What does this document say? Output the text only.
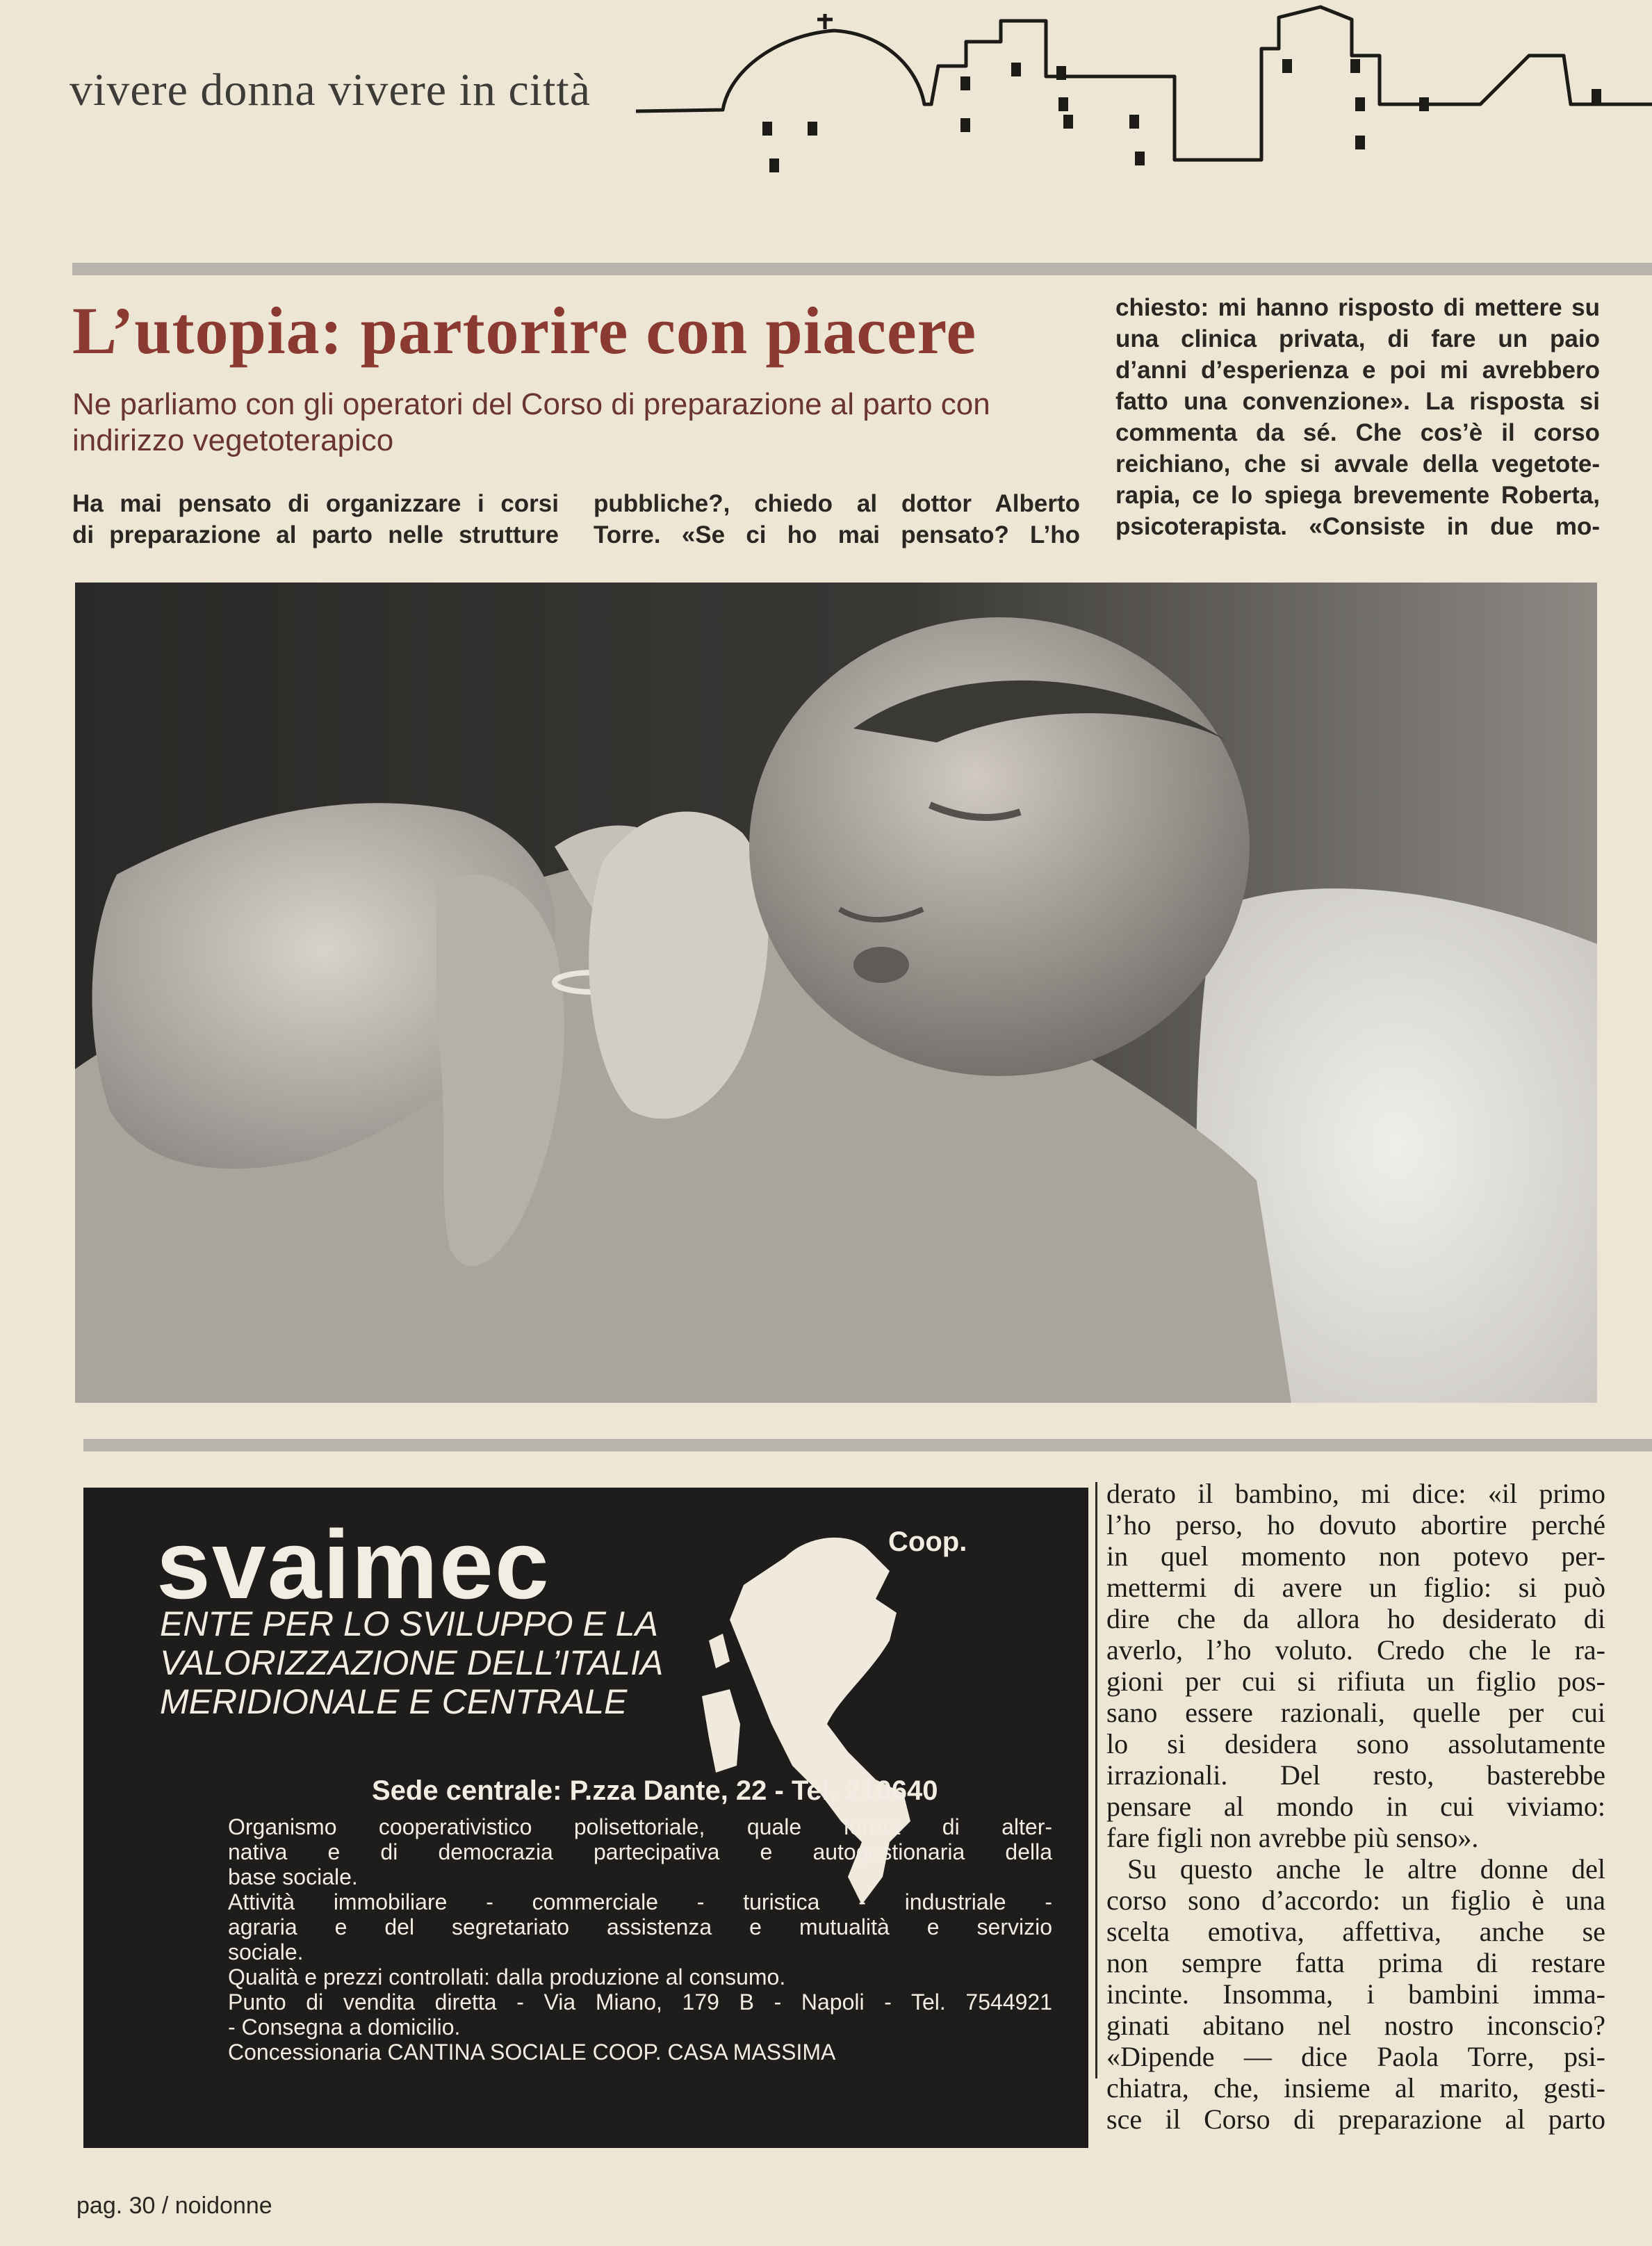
vivere donna vivere in città
L’utopia: partorire con piacere
Ne parliamo con gli operatori del Corso di preparazione al parto con indirizzo vegetoterapico
Ha mai pensato di organizzare i corsi
di preparazione al parto nelle strutture
pubbliche?, chiedo al dottor Alberto
Torre. «Se ci ho mai pensato? L’ho
chiesto: mi hanno risposto di mettere su
una clinica privata, di fare un paio
d’anni d’esperienza e poi mi avrebbero
fatto una convenzione». La risposta si
commenta da sé. Che cos’è il corso
reichiano, che si avvale della vegetote-
rapia, ce lo spiega brevemente Roberta,
psicoterapista. «Consiste in due mo-
svaimec	Coop.
ENTE PER LO SVILUPPO E LA
VALORIZZAZIONE DELL’ITALIA
MERIDIONALE E CENTRALE
Sede centrale: P.zza Dante, 22 - Tel. 210640
Organismo cooperativistico polisettoriale, quale forma di alter-
nativa e di democrazia partecipativa e autogestionaria della
base sociale.
Attività immobiliare - commerciale - turistica - industriale -
agraria e del segretariato assistenza e mutualità e servizio
sociale.
Qualità e prezzi controllati: dalla produzione al consumo.
Punto di vendita diretta - Via Miano, 179 B - Napoli - Tel. 7544921
- Consegna a domicilio.
Concessionaria CANTINA SOCIALE COOP. CASA MASSIMA
derato il bambino, mi dice: «il primo
l’ho perso, ho dovuto abortire perché
in quel momento non potevo per-
mettermi di avere un figlio: si può
dire che da allora ho desiderato di
averlo, l’ho voluto. Credo che le ra-
gioni per cui si rifiuta un figlio pos-
sano essere razionali, quelle per cui
lo si desidera sono assolutamente
irrazionali. Del resto, basterebbe
pensare al mondo in cui viviamo:
fare figli non avrebbe più senso».
Su questo anche le altre donne del
corso sono d’accordo: un figlio è una
scelta emotiva, affettiva, anche se
non sempre fatta prima di restare
incinte. Insomma, i bambini imma-
ginati abitano nel nostro inconscio?
«Dipende — dice Paola Torre, psi-
chiatra, che, insieme al marito, gesti-
sce il Corso di preparazione al parto
pag. 30 / noidonne
